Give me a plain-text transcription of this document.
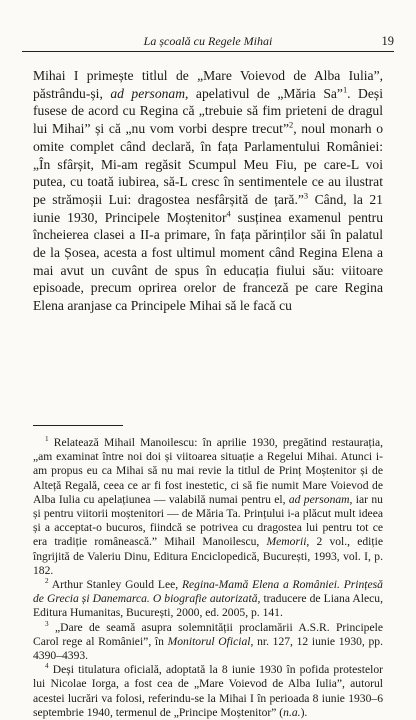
La școală cu Regele Mihai	19

Mihai I primește titlul de „Mare Voievod de Alba Iulia”, păstrându-și, ad personam, apelativul de „Măria Sa”$^1$. Deși fusese de acord cu Regina că „trebuie să fim prieteni de dragul lui Mihai” și că „nu vom vorbi despre trecut”$^2$, noul monarh o omite complet când declară, în fața Parlamentului României: „În sfârșit, Mi-am regăsit Scumpul Meu Fiu, pe care-L voi putea, cu toată iubirea, să-L cresc în sentimentele ce au ilustrat pe strămoșii Lui: dragostea nesfârșită de țară.”$^3$ Când, la 21 iunie 1930, Principele Moștenitor$^4$ susținea examenul pentru încheierea clasei a II-a primare, în fața părinților săi în palatul de la Șosea, acesta a fost ultimul moment când Regina Elena a mai avut un cuvânt de spus în educația fiului său: viitoare episoade, precum oprirea orelor de franceză pe care Regina Elena aranjase ca Principele Mihai să le facă cu

$^1$ Relatează Mihail Manoilescu: în aprilie 1930, pregătind restaurația, „am examinat între noi doi și viitoarea situație a Regelui Mihai. Atunci i-am propus eu ca Mihai să nu mai revie la titlul de Prinț Moștenitor și de Alteță Regală, ceea ce ar fi fost inestetic, ci să fie numit Mare Voievod de Alba Iulia cu apelațiunea — valabilă numai pentru el, ad personam, iar nu și pentru viitorii moștenitori — de Măria Ta. Prințului i-a plăcut mult ideea și a acceptat-o bucuros, fiindcă se potrivea cu dragostea lui pentru tot ce era tradiție românească.” Mihail Manoilescu, Memorii, 2 vol., ediție îngrijită de Valeriu Dinu, Editura Enciclopedică, București, 1993, vol. I, p. 182.

$^2$ Arthur Stanley Gould Lee, Regina-Mamă Elena a României. Prințesă de Grecia și Danemarca. O biografie autorizată, traducere de Liana Alecu, Editura Humanitas, București, 2000, ed. 2005, p. 141.

$^3$ „Dare de seamă asupra solemnității proclamării A.S.R. Principele Carol rege al României”, în Monitorul Oficial, nr. 127, 12 iunie 1930, pp. 4390–4393.

$^4$ Deși titulatura oficială, adoptată la 8 iunie 1930 în pofida protestelor lui Nicolae Iorga, a fost cea de „Mare Voievod de Alba Iulia”, autorul acestei lucrări va folosi, referindu-se la Mihai I în perioada 8 iunie 1930–6 septembrie 1940, termenul de „Principe Moștenitor” (n.a.).
